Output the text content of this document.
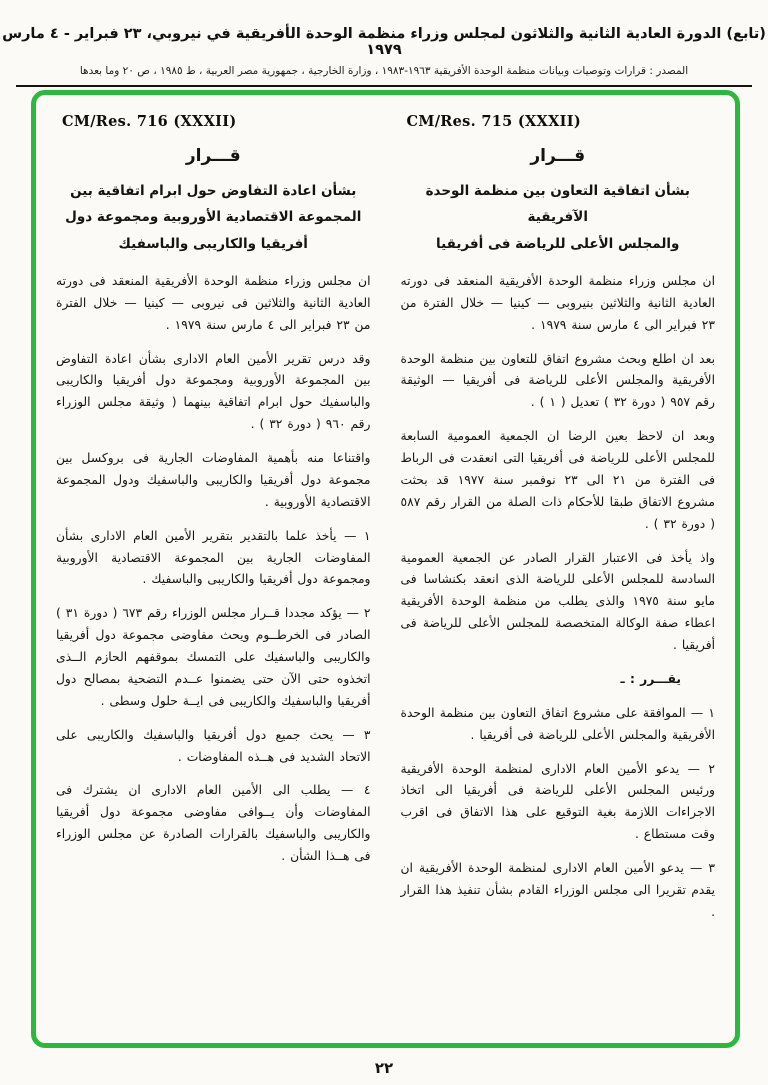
(تابع) الدورة العادية الثانية والثلاثون لمجلس وزراء منظمة الوحدة الأفريقية في نيروبي، ٢٣ فبراير - ٤ مارس ١٩٧٩
المصدر : قرارات وتوصيات وبيانات منظمة الوحدة الأفريقية ١٩٦٣-١٩٨٣ ، وزارة الخارجية ، جمهورية مصر العربية ، ط ١٩٨٥ ، ص ٢٠ وما بعدها
CM/Res. 715 (XXXII)
قـــرار
بشأن اتفاقية التعاون بين منظمة الوحدة الآفريقية
والمجلس الأعلى للرياضة فى أفريقيا

ان مجلس وزراء منظمة الوحدة الأفريقية المنعقد فى دورته العادية الثانية والثلاثين بنيروبى — كينيا — خلال الفترة من ٢٣ فبراير الى ٤ مارس سنة ١٩٧٩ .

بعد ان اطلع وبحث مشروع اتفاق للتعاون بين منظمة الوحدة الأفريقية والمجلس الأعلى للرياضة فى أفريقيا — الوثيقة رقم ٩٥٧ ( دورة ٣٢ ) تعديل ( ١ ) .

وبعد ان لاحظ بعين الرضا ان الجمعية العمومية السابعة للمجلس الأعلى للرياضة فى أفريقيا التى انعقدت فى الرباط فى الفترة من ٢١ الى ٢٣ نوفمبر سنة ١٩٧٧ قد بحثت مشروع الاتفاق طبقا للأحكام ذات الصلة من القرار رقم ٥٨٧ ( دورة ٣٢ ) .

واذ يأخذ فى الاعتبار القرار الصادر عن الجمعية العمومية السادسة للمجلس الأعلى للرياضة الذى انعقد بكنشاسا فى مايو سنة ١٩٧٥ والذى يطلب من منظمة الوحدة الأفريقية اعطاء صفة الوكالة المتخصصة للمجلس الأعلى للرياضة فى أفريقيا .

يقـــرر : ـ

١ — الموافقة على مشروع اتفاق التعاون بين منظمة الوحدة الأفريقية والمجلس الأعلى للرياضة فى أفريقيا .

٢ — يدعو الأمين العام الادارى لمنظمة الوحدة الأفريقية ورئيس المجلس الأعلى للرياضة فى أفريقيا الى اتخاذ الاجراءات اللازمة بغية التوقيع على هذا الاتفاق فى اقرب وقت مستطاع .

٣ — يدعو الأمين العام الادارى لمنظمة الوحدة الأفريقية ان يقدم تقريرا الى مجلس الوزراء القادم بشأن تنفيذ هذا القرار .

CM/Res. 716 (XXXII)
قـــرار
بشأن اعادة التفاوض حول ابرام اتفاقية بين
المجموعة الاقتصادية الأوروبية ومجموعة دول
أفريقيا والكاريبى والباسفيك

ان مجلس وزراء منظمة الوحدة الأفريقية المنعقد فى دورته العادية الثانية والثلاثين فى نيروبى — كينيا — خلال الفترة من ٢٣ فبراير الى ٤ مارس سنة ١٩٧٩ .

وقد درس تقرير الأمين العام الادارى بشأن اعادة التفاوض بين المجموعة الأوروبية ومجموعة دول أفريقيا والكاريبى والباسفيك حول ابرام اتفاقية بينهما ( وثيقة مجلس الوزراء رقم ٩٦٠ ( دورة ٣٢ ) .

واقتناعا منه بأهمية المفاوضات الجارية فى بروكسل بين مجموعة دول أفريقيا والكاريبى والباسفيك ودول المجموعة الاقتصادية الأوروبية .

١ — يأخذ علما بالتقدير بتقرير الأمين العام الادارى بشأن المفاوضات الجارية بين المجموعة الاقتصادية الأوروبية ومجموعة دول أفريقيا والكاريبى والباسفيك .

٢ — يؤكد مجددا قــرار مجلس الوزراء رقم ٦٧٣ ( دورة ٣١ ) الصادر فى الخرطــوم ويحث مفاوضى مجموعة دول أفريقيا والكاريبى والباسفيك على التمسك بموقفهم الحازم الــذى اتخذوه حتى الآن حتى يضمنوا عــدم التضحية بمصالح دول أفريقيا والباسفيك والكاريبى فى ايــة حلول وسطى .

٣ — يحث جميع دول أفريقيا والباسفيك والكاريبى على الاتحاد الشديد فى هــذه المفاوضات .

٤ — يطلب الى الأمين العام الادارى ان يشترك فى المفاوضات وأن يــوافى مفاوضى مجموعة دول أفريقيا والكاريبى والباسفيك بالقرارات الصادرة عن مجلس الوزراء فى هــذا الشأن .

٢٢
